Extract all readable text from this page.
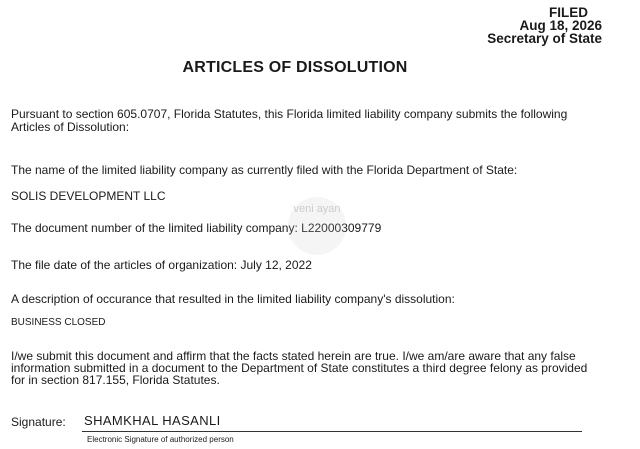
FILED
Aug 18, 2026
Secretary of State
ARTICLES OF DISSOLUTION
Pursuant to section 605.0707, Florida Statutes, this Florida limited liability company submits the following
Articles of Dissolution:
The name of the limited liability company as currently filed with the Florida Department of State:
SOLIS DEVELOPMENT LLC
The document number of the limited liability company: L22000309779
The file date of the articles of organization: July 12, 2022
A description of occurance that resulted in the limited liability company's dissolution:
BUSINESS CLOSED
I/we submit this document and affirm that the facts stated herein are true. I/we am/are aware that any false
information submitted in a document to the Department of State constitutes a third degree felony as provided
for in section 817.155, Florida Statutes.
Signature: SHAMKHAL HASANLI
Electronic Signature of authorized person
veni ayan
